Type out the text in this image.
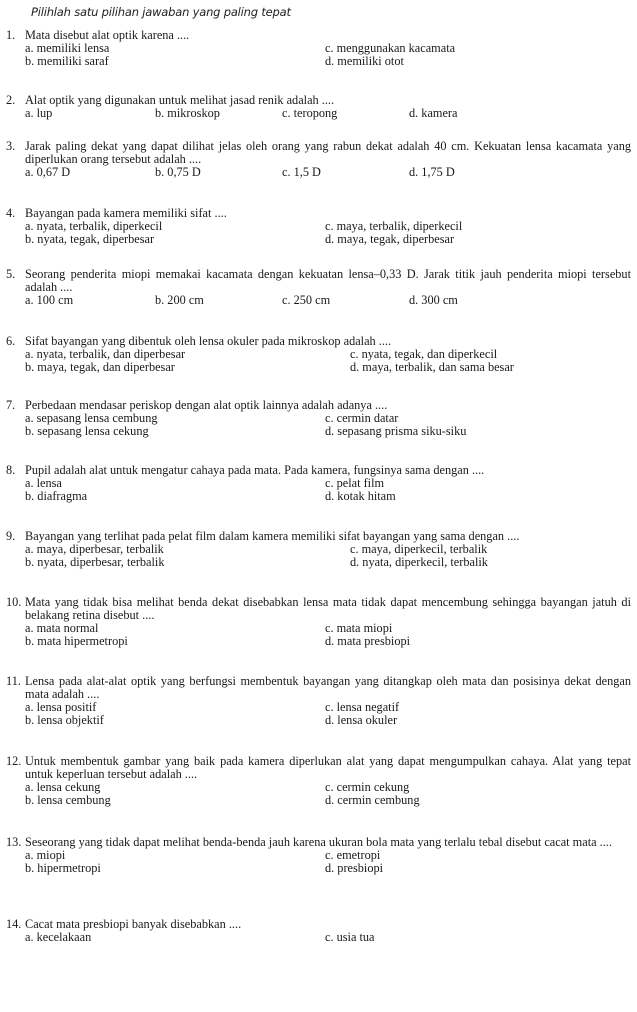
Pilihlah satu pilihan jawaban yang paling tepat
1. Mata disebut alat optik karena ....
a. memiliki lensa	c. menggunakan kacamata
b. memiliki saraf	d. memiliki otot
2. Alat optik yang digunakan untuk melihat jasad renik adalah ....
a. lup	b. mikroskop	c. teropong	d. kamera
3. Jarak paling dekat yang dapat dilihat jelas oleh orang yang rabun dekat adalah 40 cm. Kekuatan lensa kacamata yang diperlukan orang tersebut adalah ....
a. 0,67 D	b. 0,75 D	c. 1,5 D	d. 1,75 D
4. Bayangan pada kamera memiliki sifat ....
a. nyata, terbalik, diperkecil	c. maya, terbalik, diperkecil
b. nyata, tegak, diperbesar	d. maya, tegak, diperbesar
5. Seorang penderita miopi memakai kacamata dengan kekuatan lensa–0,33 D. Jarak titik jauh penderita miopi tersebut adalah ....
a. 100 cm	b. 200 cm	c. 250 cm	d. 300 cm
6. Sifat bayangan yang dibentuk oleh lensa okuler pada mikroskop adalah ....
a. nyata, terbalik, dan diperbesar	c. nyata, tegak, dan diperkecil
b. maya, tegak, dan diperbesar	d. maya, terbalik, dan sama besar
7. Perbedaan mendasar periskop dengan alat optik lainnya adalah adanya ....
a. sepasang lensa cembung	c. cermin datar
b. sepasang lensa cekung	d. sepasang prisma siku-siku
8. Pupil adalah alat untuk mengatur cahaya pada mata. Pada kamera, fungsinya sama dengan ....
a. lensa	c. pelat film
b. diafragma	d. kotak hitam
9. Bayangan yang terlihat pada pelat film dalam kamera memiliki sifat bayangan yang sama dengan ....
a. maya, diperbesar, terbalik	c. maya, diperkecil, terbalik
b. nyata, diperbesar, terbalik	d. nyata, diperkecil, terbalik
10. Mata yang tidak bisa melihat benda dekat disebabkan lensa mata tidak dapat mencembung sehingga bayangan jatuh di belakang retina disebut ....
a. mata normal	c. mata miopi
b. mata hipermetropi	d. mata presbiopi
11. Lensa pada alat-alat optik yang berfungsi membentuk bayangan yang ditangkap oleh mata dan posisinya dekat dengan mata adalah ....
a. lensa positif	c. lensa negatif
b. lensa objektif	d. lensa okuler
12. Untuk membentuk gambar yang baik pada kamera diperlukan alat yang dapat mengumpulkan cahaya. Alat yang tepat untuk keperluan tersebut adalah ....
a. lensa cekung	c. cermin cekung
b. lensa cembung	d. cermin cembung
13. Seseorang yang tidak dapat melihat benda-benda jauh karena ukuran bola mata yang terlalu tebal disebut cacat mata ....
a. miopi	c. emetropi
b. hipermetropi	d. presbiopi
14. Cacat mata presbiopi banyak disebabkan ....
a. kecelakaan	c. usia tua
